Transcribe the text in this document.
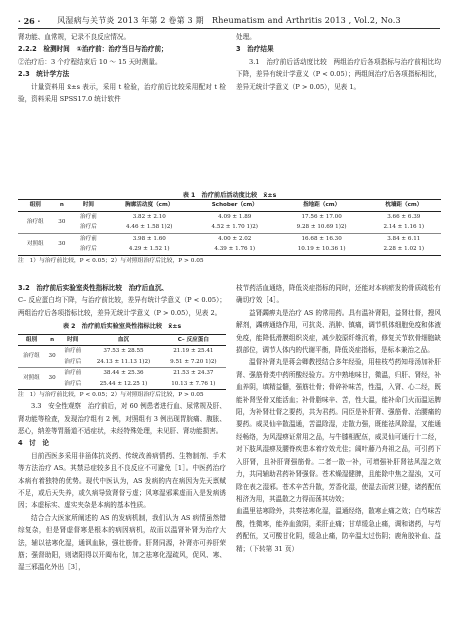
· 26 ·	风湿病与关节炎 2013 年第 2 卷第 3 期　Rheumatism and Arthritis 2013 , Vol.2, No.3

肾功能、血常规，记录不良反应情况。

2.2.2　检测时间　①治疗前：治疗当日与治疗前；

②治疗后：3 个疗程结束后 10 ～ 15 天时测量。

2.3　统计学方法

计量资料用 x̄±s 表示，采用 t 检验，治疗前后比较采用配对 t 检验，资料采用 SPSS17.0 统计软件

处理。

3　治疗结果

3.1　治疗前后活动度比较　两组治疗后各项指标与治疗前相比均下降，差异有统计学意义（P < 0.05）；两组间治疗后各项指标相比，差异无统计学意义（P > 0.05），见表 1。

表 1　治疗前后活动度比较　x̄±s
组别	n	时间	胸廓活动度（cm）	Schober（cm）	指地距（cm）	枕墙距（cm）
治疗组	30	治疗前	3.82 ± 2.10	4.09 ± 1.89	17.56 ± 17.00	3.66 ± 6.39
		治疗后	4.46 ± 1.58 1)2)	4.52 ± 1.70 1)2)	9.28 ± 10.69 1)2)	2.14 ± 1.16 1)
对照组	30	治疗前	3.98 ± 1.60	4.00 ± 2.02	16.68 ± 16.30	3.84 ± 6.11
		治疗后	4.29 ± 1.52 1)	4.39 ± 1.76 1)	10.19 ± 10.36 1)	2.28 ± 1.02 1)

注　1）与治疗前比较，P < 0.05；2）与对照组治疗后比较，P > 0.05

3.2　治疗前后实验室炎性指标比较　治疗后血沉、

C– 反应蛋白均下降，与治疗前比较，差异有统计学意义（P < 0.05）；两组治疗后各项指标比较，差异无统计学意义（P > 0.05），见表 2。

表 2　治疗前后实验室炎性指标比较　x̄±s
组别	n	时间	血沉	C– 反应蛋白
治疗组	30	治疗前	37.53 ± 28.55	21.19 ± 25.41
		治疗后	24.13 ± 11.13 1)2)	9.51 ± 7.20 1)2)
对照组	30	治疗前	38.44 ± 25.36	21.53 ± 24.37
		治疗后	25.44 ± 12.25 1)	10.13 ± 7.76 1)

注　1）与治疗前比较，P < 0.05；2）与对照组治疗后比较，P > 0.05

3.3　安全性观察　治疗前后，对 60 例患者进行血、尿常规及肝、肾功能等检查，发现治疗组有 2 例，对照组有 3 例出现胃脘痛、腹胀、恶心，纳差等胃肠道不适症状，未经特殊处理，未见肝、肾功能损害。

4　讨　论

目前西医多采用非甾体抗炎药、传统改善病情药、生物制剂、手术等方法治疗 AS。其禁忌症较多且不良反应不可避免［1］。中医药治疗本病有着独特的优势。现代中医认为，AS 发病的内在病因为先天禀赋不足，或后天失养，或久病导致肾督亏虚；风寒湿邪乘虚而入是发病诱因；本虚标实、虚实夹杂是本病的基本性质。

结合合大医家所阐述的 AS 的发病机制，我们认为 AS 病情虽然错综复杂，但是肾虚督寒是根本的病因病机，故而以温肾补肾为治疗大法，辅以祛寒化湿，通讽血脉，强壮筋骨。肝肾同源，补肾亦可养肝荣筋；强督助阳，则诸阳得以开阖布化，加之祛寒化湿疏风，促风、寒、湿三邪温化外出［3］，

枝节药活血通络，降低炎症指标的同时，还能对本病瘀发的骨质疏松有确切疗效［4］。

益肾蠲痹丸是治疗 AS 的常用药。具有温补肾阳，益肾壮督，搜风解剂，蠲痹通络作用，可抗炎、消肿、镇痛，调节机体细胞免疫和体液免疫，能降低滑膜组织炎症，减少胶原纤维沉着，修复关节软骨细胞缺损部位，调节人体内的代谢平衡，降低炎症指标，是标本兼治之品。

温督补肾丸是蒋会卿教授结合多年经验，用桂枝芍药知母汤加补肝肾、强筋骨类中药所酸经验方。方中熟地味甘，微温，归肝、肾经，补血养阴，填精益髓，强筋壮骨；骨碎补味苦，性温，入肾、心二经，既能补肾坚骨又能活血；补骨脂味辛、苦，性大温，能补命门火而温运脾阳，为补肾壮督之要药，共为君药。同臣是补肝肾、强筋骨、治腰痛的要药。威灵仙辛散温通，苦温除湿，走散力强，既能祛风除湿，又能通经畅络，为风湿痹证常用之品，与牛膝相配伍，威灵仙可通行十二经，对下肢风湿痹及腰脊疾患本着疗效尤佳；阔叶藤乃舟祖之品，可引药下入肝肾，且补肝肾强筋骨。二者一散一补，可增强补肝肾祛风湿之效力，共同辅助君药补肾强督。苍术燥湿健脾，且能除中焦之湿浊，又可除在表之湿邪。苍术辛苦升散，芳香化湿，使湿去而营卫健，诸药配伍相济为用，其温散之力得而荡其功效；

血温里祛寒除外，共奏祛寒化湿，温通经络，散寒止痛之效；白芍味苦酸，性微寒，能养血敛阴，柔肝止痛；甘草缓急止痛，调和诸药，与芍药配伍，又可酸甘化阴，缓急止痛，防辛温太过伤阴；鹿角胶补血、益精；（下转第 31 页）
